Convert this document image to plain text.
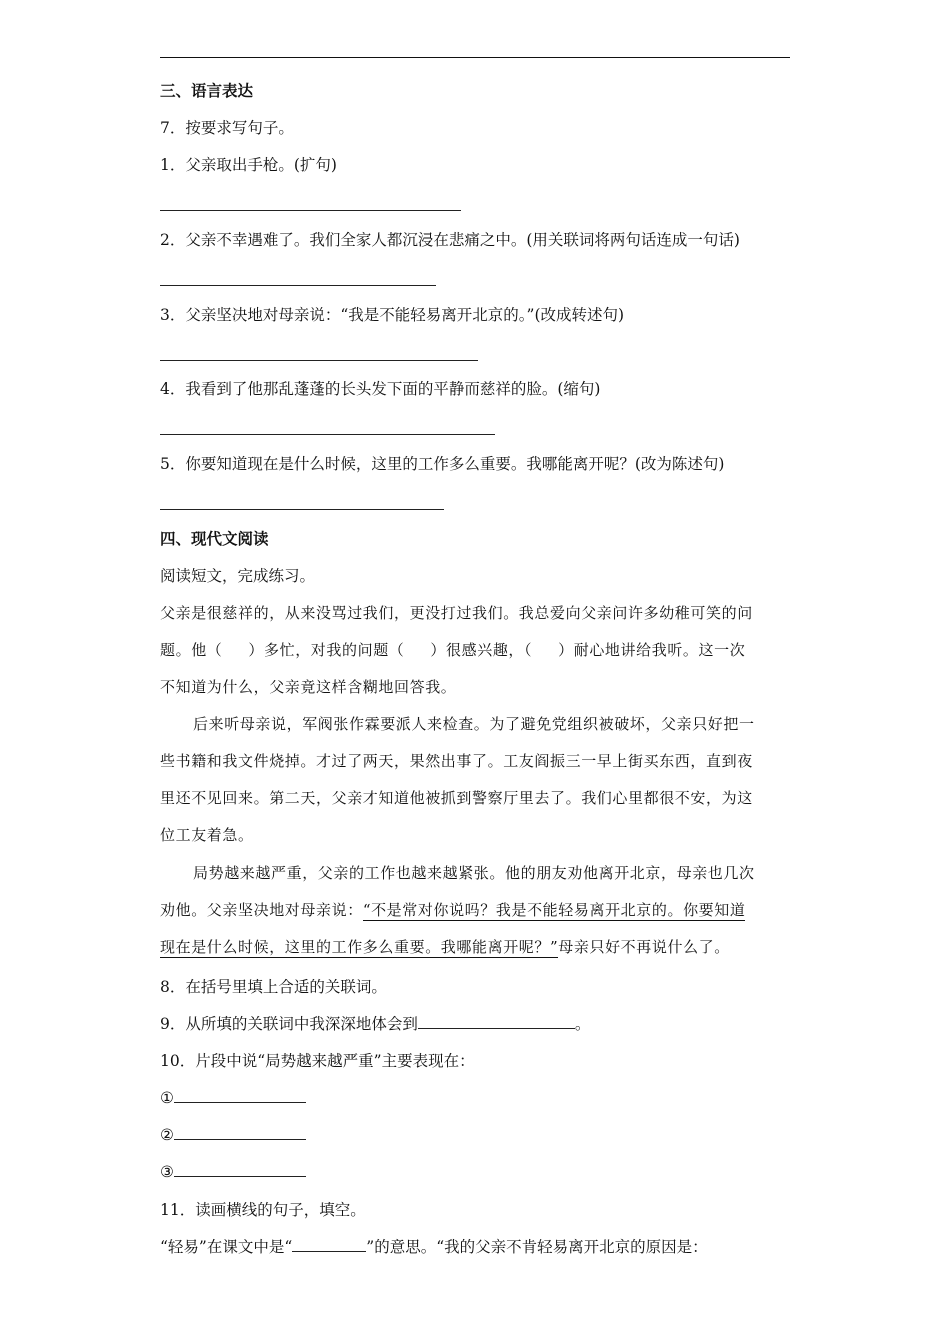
三、语言表达
7．按要求写句子。
1．父亲取出手枪。(扩句)
2．父亲不幸遇难了。我们全家人都沉浸在悲痛之中。(用关联词将两句话连成一句话)
3．父亲坚决地对母亲说：“我是不能轻易离开北京的。”(改成转述句)
4．我看到了他那乱蓬蓬的长头发下面的平静而慈祥的脸。(缩句)
5．你要知道现在是什么时候，这里的工作多么重要。我哪能离开呢？(改为陈述句)
四、现代文阅读
阅读短文，完成练习。
父亲是很慈祥的，从来没骂过我们，更没打过我们。我总爱向父亲问许多幼稚可笑的问
题。他（ ）多忙，对我的问题（ ）很感兴趣，（ ）耐心地讲给我听。这一次
不知道为什么，父亲竟这样含糊地回答我。
后来听母亲说，军阀张作霖要派人来检查。为了避免党组织被破坏，父亲只好把一
些书籍和我文件烧掉。才过了两天，果然出事了。工友阎振三一早上街买东西，直到夜
里还不见回来。第二天，父亲才知道他被抓到警察厅里去了。我们心里都很不安，为这
位工友着急。
局势越来越严重，父亲的工作也越来越紧张。他的朋友劝他离开北京，母亲也几次
劝他。父亲坚决地对母亲说：“不是常对你说吗？我是不能轻易离开北京的。你要知道
现在是什么时候，这里的工作多么重要。我哪能离开呢？”母亲只好不再说什么了。
8．在括号里填上合适的关联词。
9．从所填的关联词中我深深地体会到	。
10．片段中说“局势越来越严重”主要表现在：
①
②
③
11．读画横线的句子，填空。
“轻易”在课文中是“	”的意思。“我的父亲不肯轻易离开北京的原因是：
